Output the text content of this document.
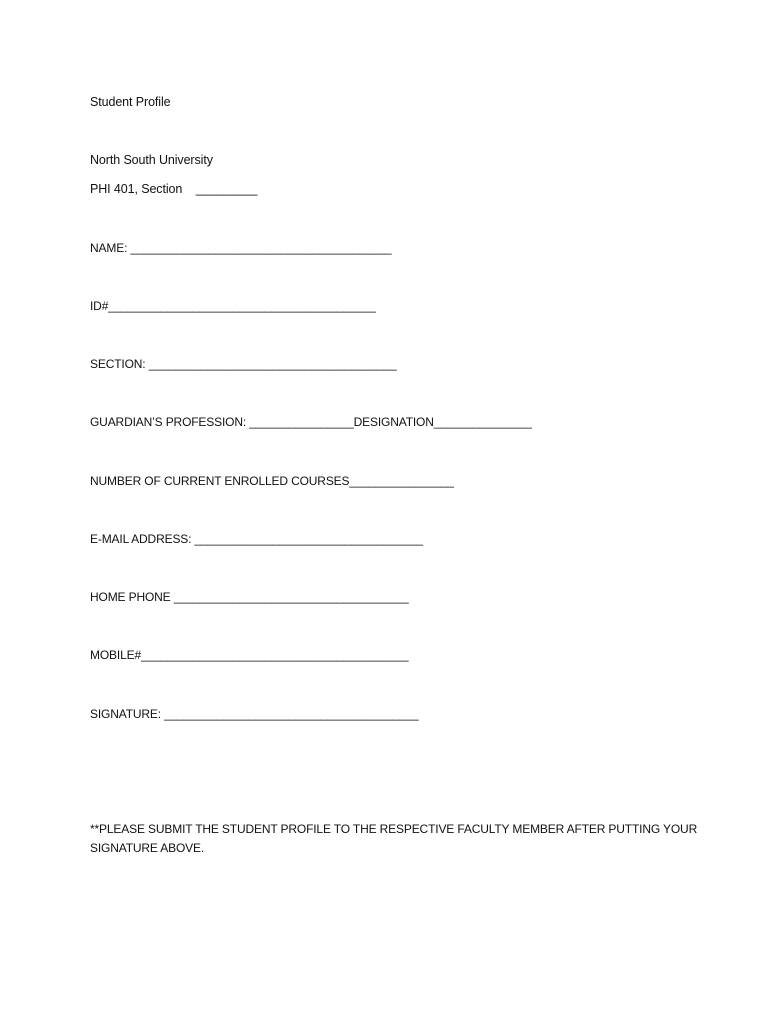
Student Profile
North South University
PHI 401, Section    _________
NAME: ________________________________________
ID#_________________________________________
SECTION: ______________________________________
GUARDIAN’S PROFESSION: ________________DESIGNATION_______________
NUMBER OF CURRENT ENROLLED COURSES________________
E-MAIL ADDRESS: ___________________________________
HOME PHONE ____________________________________
MOBILE#_________________________________________
SIGNATURE: _______________________________________
**PLEASE SUBMIT THE STUDENT PROFILE TO THE RESPECTIVE FACULTY MEMBER AFTER PUTTING YOUR SIGNATURE ABOVE.
